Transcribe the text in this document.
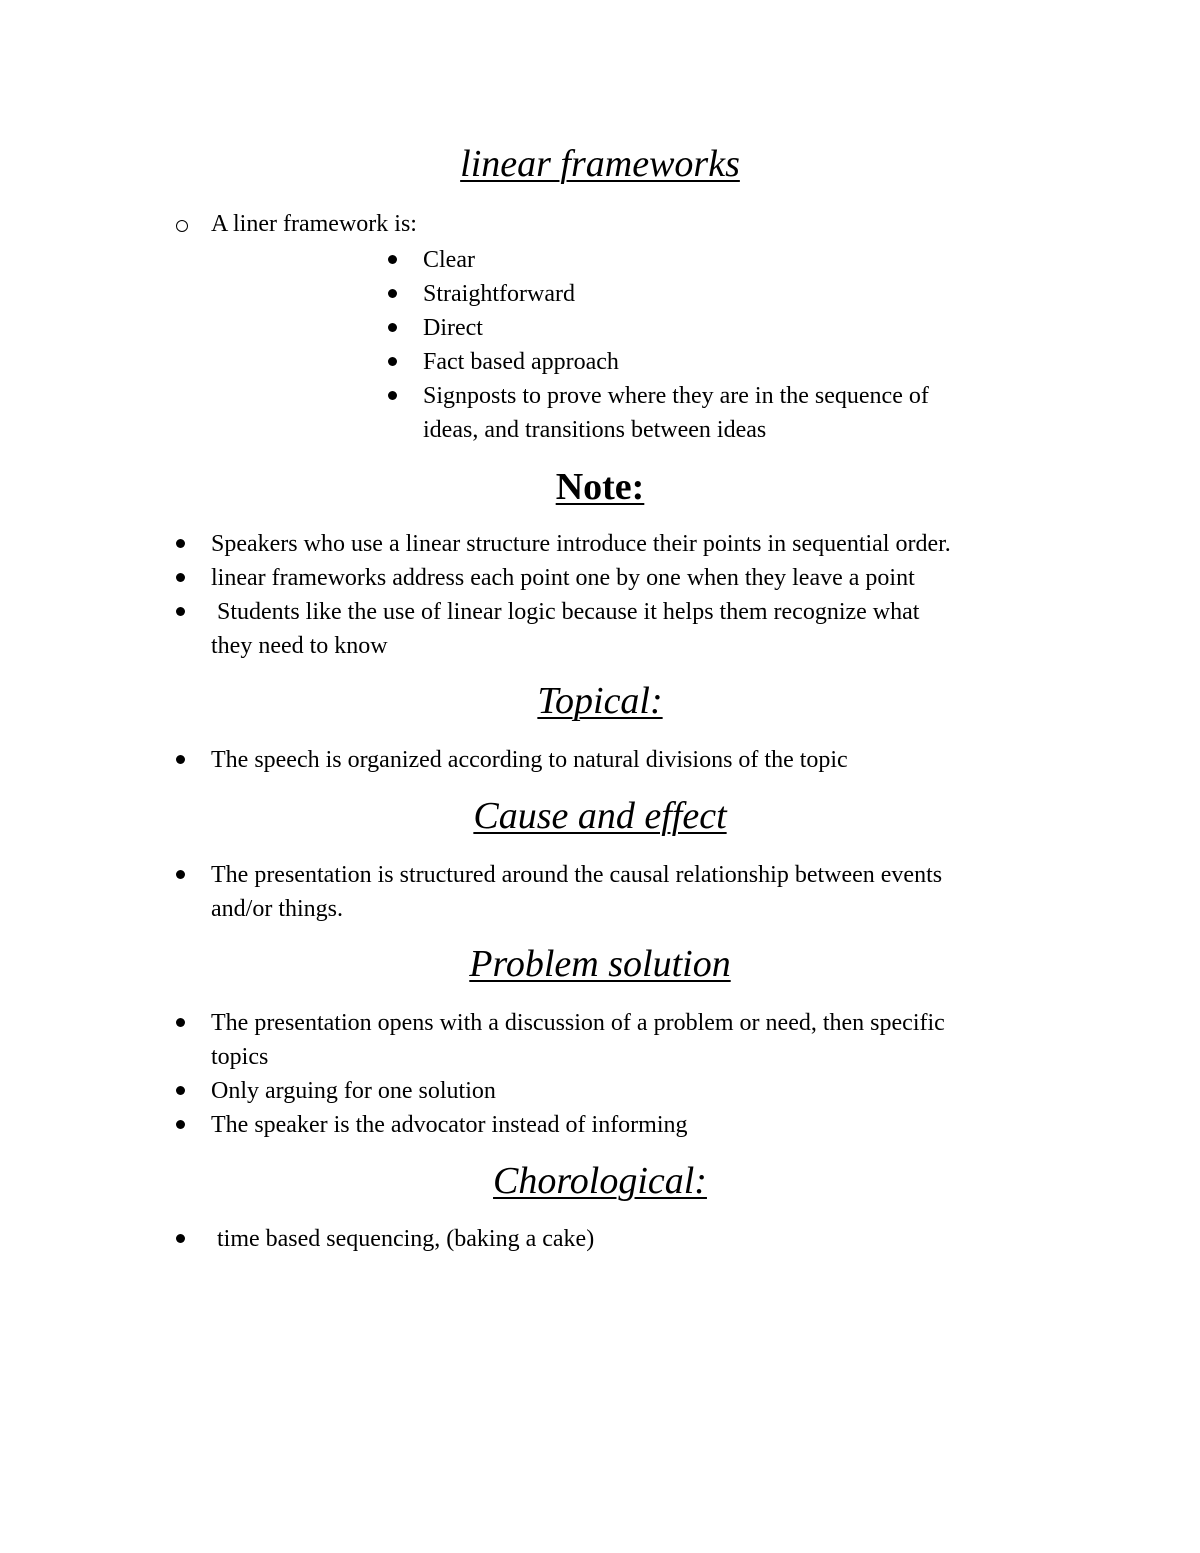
linear frameworks
A liner framework is:
Clear
Straightforward
Direct
Fact based approach
Signposts to prove where they are in the sequence of
ideas, and transitions between ideas
Note:
Speakers who use a linear structure introduce their points in sequential order.
linear frameworks address each point one by one when they leave a point
Students like the use of linear logic because it helps them recognize what
they need to know
Topical:
The speech is organized according to natural divisions of the topic
Cause and effect
The presentation is structured around the causal relationship between events
and/or things.
Problem solution
The presentation opens with a discussion of a problem or need, then specific
topics
Only arguing for one solution
The speaker is the advocator instead of informing
Chorological:
time based sequencing, (baking a cake)
